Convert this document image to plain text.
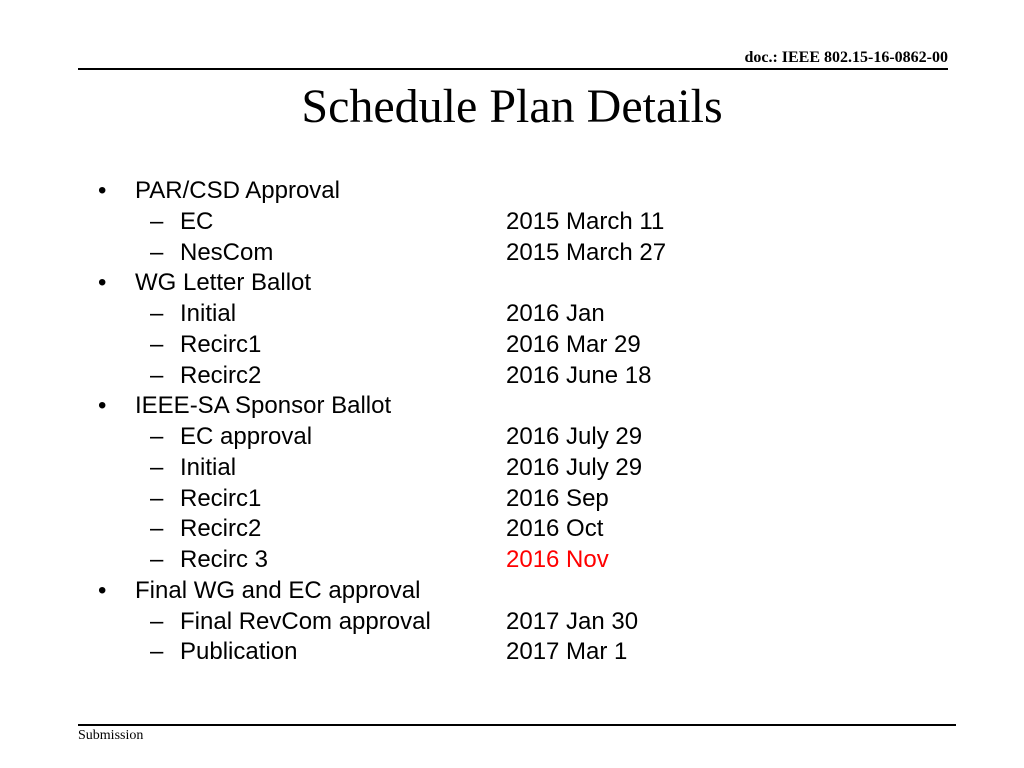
doc.: IEEE 802.15-16-0862-00
Schedule Plan Details
• PAR/CSD Approval
– EC	2015 March 11
– NesCom	2015 March 27
• WG Letter Ballot
– Initial	2016 Jan
– Recirc1	2016 Mar 29
– Recirc2	2016 June 18
• IEEE-SA Sponsor Ballot
– EC approval	2016 July 29
– Initial	2016 July 29
– Recirc1	2016 Sep
– Recirc2	2016 Oct
– Recirc 3	2016 Nov
• Final WG and EC approval
– Final RevCom approval	2017 Jan 30
– Publication	2017 Mar 1
Submission
